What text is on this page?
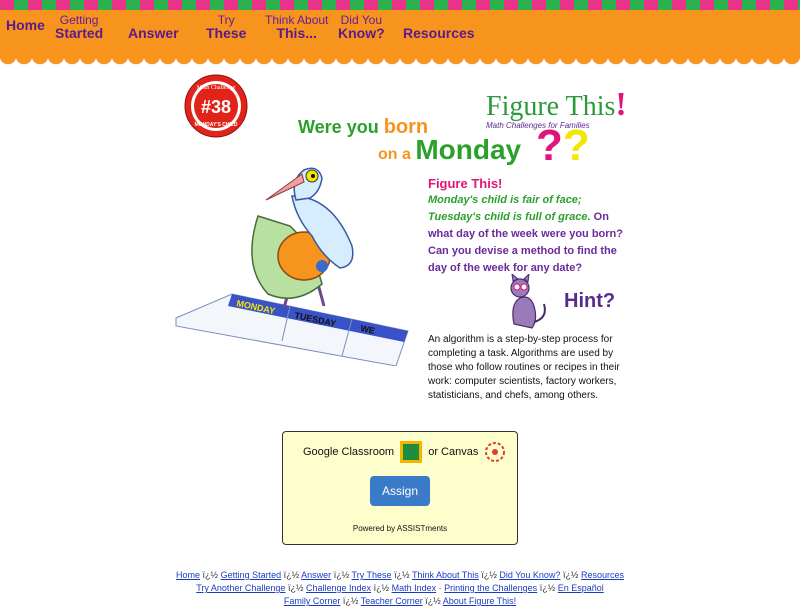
Home	Getting
Started
Answer
Try
These
Think About
This...
Did You
Know?
Resources
Math Challenge
#38
MONDAY'S CHILD
Figure This!
Math Challenges for Families
Were you born
on a Monday ??
MONDAY
TUESDAY
WE
Figure This!
Monday's child is fair of face; Tuesday's child is full of grace. On what day of the week were you born? Can you devise a method to find the day of the week for any date?
Hint?
An algorithm is a step-by-step process for completing a task. Algorithms are used by those who follow routines or recipes in their work: computer scientists, factory workers, statisticians, and chefs, among others.
Google Classroom	or Canvas
Assign
Powered by ASSISTments
Home ï¿½ Getting Started ï¿½ Answer ï¿½ Try These ï¿½ Think About This ï¿½ Did You Know? ï¿½ Resources
Try Another Challenge ï¿½ Challenge Index ï¿½ Math Index · Printing the Challenges ï¿½ En Español
Family Corner ï¿½ Teacher Corner ï¿½ About Figure This!
